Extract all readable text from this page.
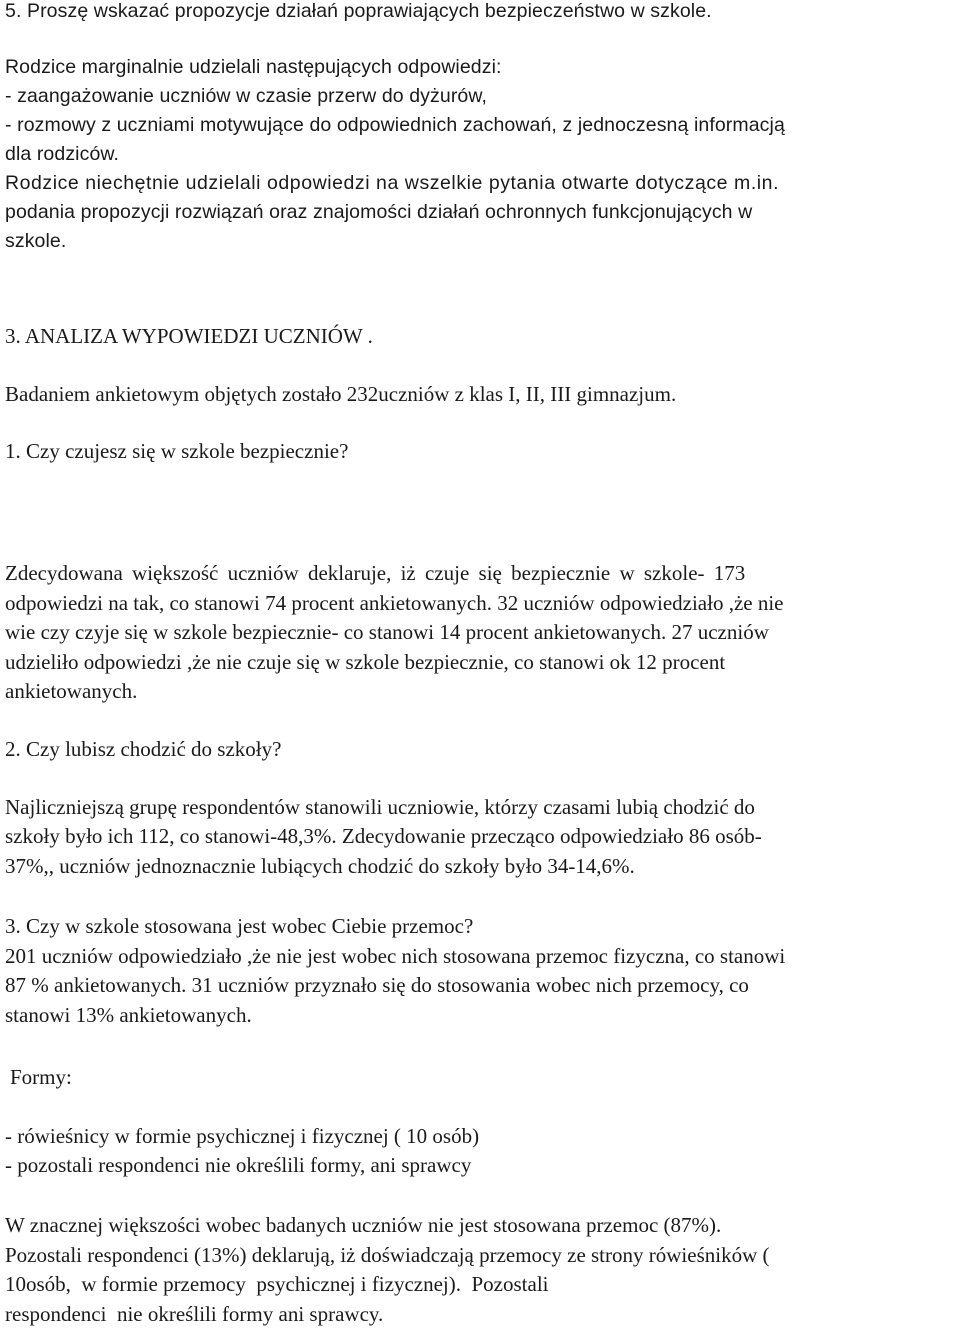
5. Proszę wskazać propozycje działań poprawiających bezpieczeństwo w szkole.
Rodzice marginalnie udzielali następujących odpowiedzi:
- zaangażowanie uczniów w czasie przerw do dyżurów,
- rozmowy z uczniami motywujące do odpowiednich zachowań, z jednoczesną informacją
dla rodziców.
Rodzice niechętnie udzielali odpowiedzi na wszelkie pytania otwarte dotyczące m.in.
podania propozycji rozwiązań oraz znajomości działań ochronnych funkcjonujących w
szkole.
3. ANALIZA WYPOWIEDZI UCZNIÓW .
Badaniem ankietowym objętych zostało 232uczniów z klas I, II, III gimnazjum.
1. Czy czujesz się w szkole bezpiecznie?
Zdecydowana większość uczniów deklaruje, iż czuje się bezpiecznie w szkole- 173
odpowiedzi na tak, co stanowi 74 procent ankietowanych. 32 uczniów odpowiedziało ,że nie
wie czy czyje się w szkole bezpiecznie- co stanowi 14 procent ankietowanych. 27 uczniów
udzieliło odpowiedzi ,że nie czuje się w szkole bezpiecznie, co stanowi ok 12 procent
ankietowanych.
2. Czy lubisz chodzić do szkoły?
Najliczniejszą grupę respondentów stanowili uczniowie, którzy czasami lubią chodzić do
szkoły było ich 112, co stanowi-48,3%. Zdecydowanie przecząco odpowiedziało 86 osób-
37%,, uczniów jednoznacznie lubiących chodzić do szkoły było 34-14,6%.
3. Czy w szkole stosowana jest wobec Ciebie przemoc?
201 uczniów odpowiedziało ,że nie jest wobec nich stosowana przemoc fizyczna, co stanowi
87 % ankietowanych. 31 uczniów przyznało się do stosowania wobec nich przemocy, co
stanowi 13% ankietowanych.
Formy:
- rówieśnicy w formie psychicznej i fizycznej ( 10 osób)
- pozostali respondenci nie określili formy, ani sprawcy
W znacznej większości wobec badanych uczniów nie jest stosowana przemoc (87%).
Pozostali respondenci (13%) deklarują, iż doświadczają przemocy ze strony rówieśników (
10osób,  w formie przemocy  psychicznej i fizycznej).  Pozostali
respondenci  nie określili formy ani sprawcy.
